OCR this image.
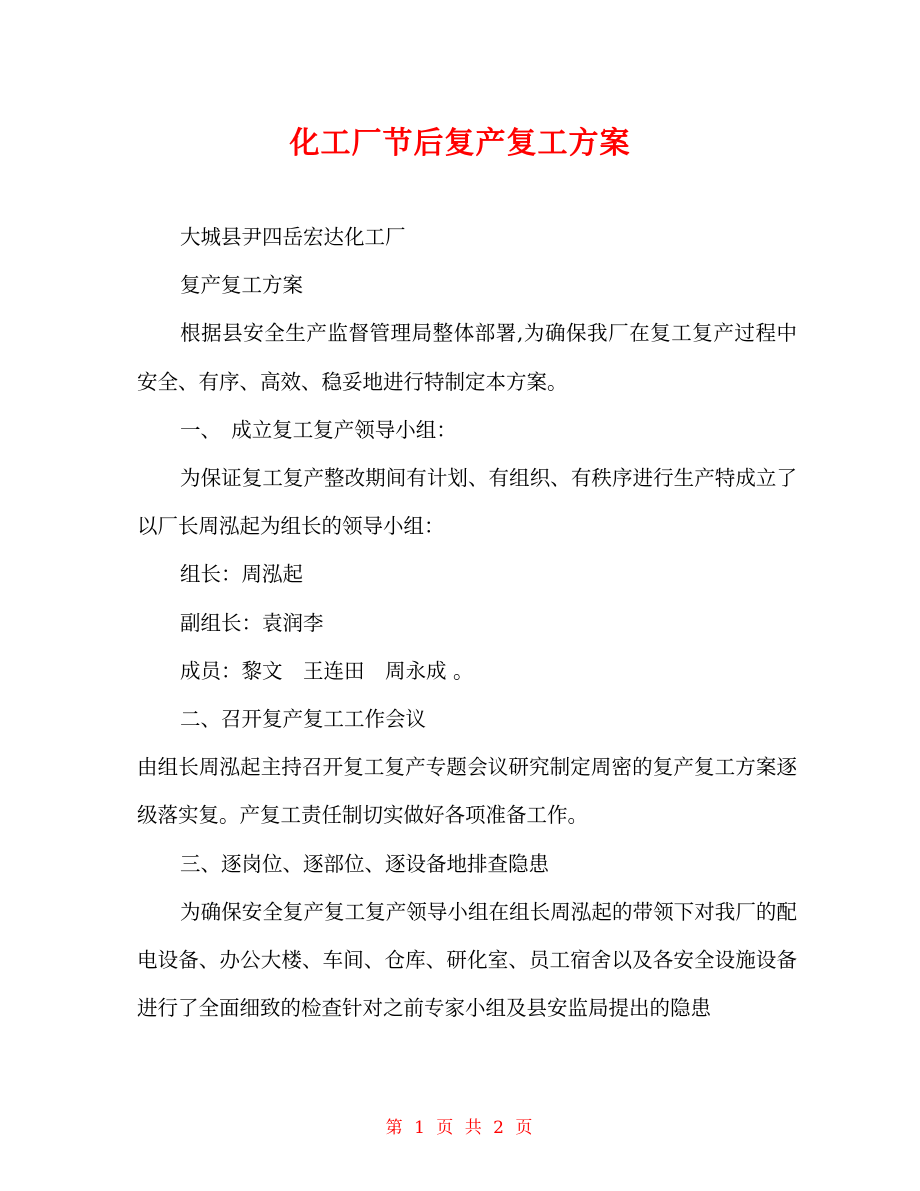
化工厂节后复产复工方案

大城县尹四岳宏达化工厂

复产复工方案

根据县安全生产监督管理局整体部署,为确保我厂在复工复产过程中安全、有序、高效、稳妥地进行特制定本方案。

一、　成立复工复产领导小组：

为保证复工复产整改期间有计划、有组织、有秩序进行生产特成立了以厂长周泓起为组长的领导小组：

组长：周泓起

副组长：袁润李

成员：黎文　王连田　周永成 。

二、召开复产复工工作会议

由组长周泓起主持召开复工复产专题会议研究制定周密的复产复工方案逐级落实复。产复工责任制切实做好各项准备工作。

三、逐岗位、逐部位、逐设备地排查隐患

为确保安全复产复工复产领导小组在组长周泓起的带领下对我厂的配电设备、办公大楼、车间、仓库、研化室、员工宿舍以及各安全设施设备进行了全面细致的检查针对之前专家小组及县安监局提出的隐患

第 1 页 共 2 页
